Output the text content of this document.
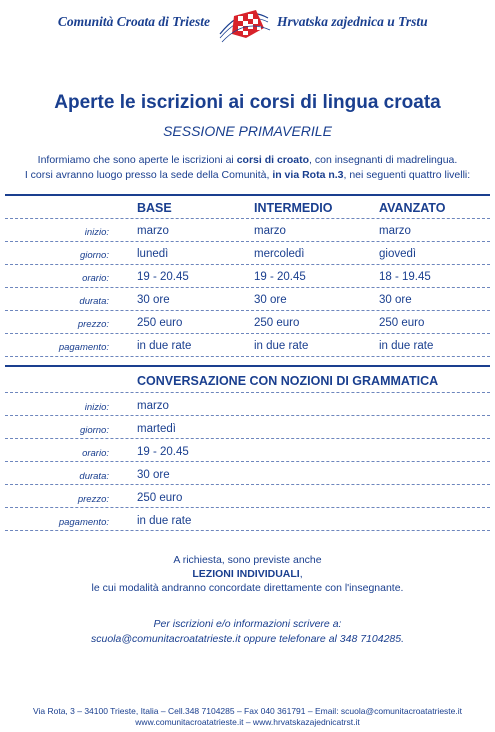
Comunità Croata di Trieste	Hrvatska zajednica u Trstu
Aperte le iscrizioni ai corsi di lingua croata
SESSIONE PRIMAVERILE
Informiamo che sono aperte le iscrizioni ai corsi di croato, con insegnanti di madrelingua.
I corsi avranno luogo presso la sede della Comunità, in via Rota n.3, nei seguenti quattro livelli:
BASE	INTERMEDIO	AVANZATO
inizio: marzo	marzo	marzo
giorno: lunedì	mercoledì	giovedì
orario: 19 - 20.45	19 - 20.45	18 - 19.45
durata: 30 ore	30 ore	30 ore
prezzo: 250 euro	250 euro	250 euro
pagamento: in due rate	in due rate	in due rate
CONVERSAZIONE CON NOZIONI DI GRAMMATICA
inizio: marzo
giorno: martedì
orario: 19 - 20.45
durata: 30 ore
prezzo: 250 euro
pagamento: in due rate
A richiesta, sono previste anche
LEZIONI INDIVIDUALI,
le cui modalità andranno concordate direttamente con l'insegnante.
Per iscrizioni e/o informazioni scrivere a:
scuola@comunitacroatatrieste.it oppure telefonare al 348 7104285.
Via Rota, 3 – 34100 Trieste, Italia – Cell.348 7104285 – Fax 040 361791 – Email: scuola@comunitacroatatrieste.it
www.comunitacroatatrieste.it – www.hrvatskazajednicatrst.it
